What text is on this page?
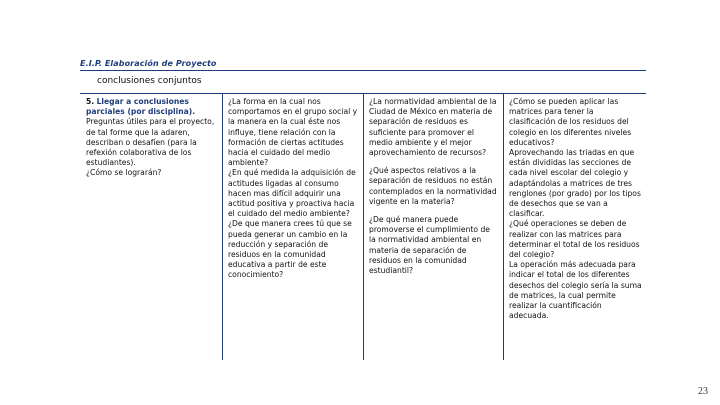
E.I.P. Elaboración de Proyecto
conclusiones conjuntos
5. Llegar a conclusiones parciales (por disciplina).
Preguntas útiles para el proyecto, de tal forme que la adaren, describan o desafíen (para la refexión colaborativa de los estudiantes).
¿Cómo se lograrán?
¿La forma en la cual nos comportamos en el grupo social y la manera en la cual éste nos influye, tiene relación con la formación de ciertas actitudes hacia el cuidado del medio ambiente?
¿En qué medida la adquisición de actitudes ligadas al consumo hacen mas difícil adquirir una actitud positiva y proactiva hacia el cuidado del medio ambiente?
¿De que manera crees tú que se pueda generar un cambio en la reducción y separación de residuos en la comunidad educativa a partir de este conocimiento?
¿La normatividad ambiental de la Ciudad de México en materia de separación de residuos es suficiente para promover el medio ambiente y el mejor aprovechamiento de recursos?
¿Qué aspectos relativos a la separación de residuos no están contemplados en la normatividad vigente en la materia?
¿De qué manera puede promoverse el cumplimiento de la normatividad ambiental en materia de separación de residuos en la comunidad estudiantil?
¿Cómo se pueden aplicar las matrices para tener la clasificación de los residuos del colegio en los diferentes niveles educativos?
Aprovechando las triadas en que están divididas las secciones de cada nivel escolar del colegio y adaptándolas a matrices de tres renglones (por grado) por los tipos de desechos que se van a clasificar.
¿Qué operaciones se deben de realizar con las matrices para determinar el total de los residuos del colegio?
La operación más adecuada para indicar el total de los diferentes desechos del colegio sería la suma de matrices, la cual permite realizar la cuantificación adecuada.
23
